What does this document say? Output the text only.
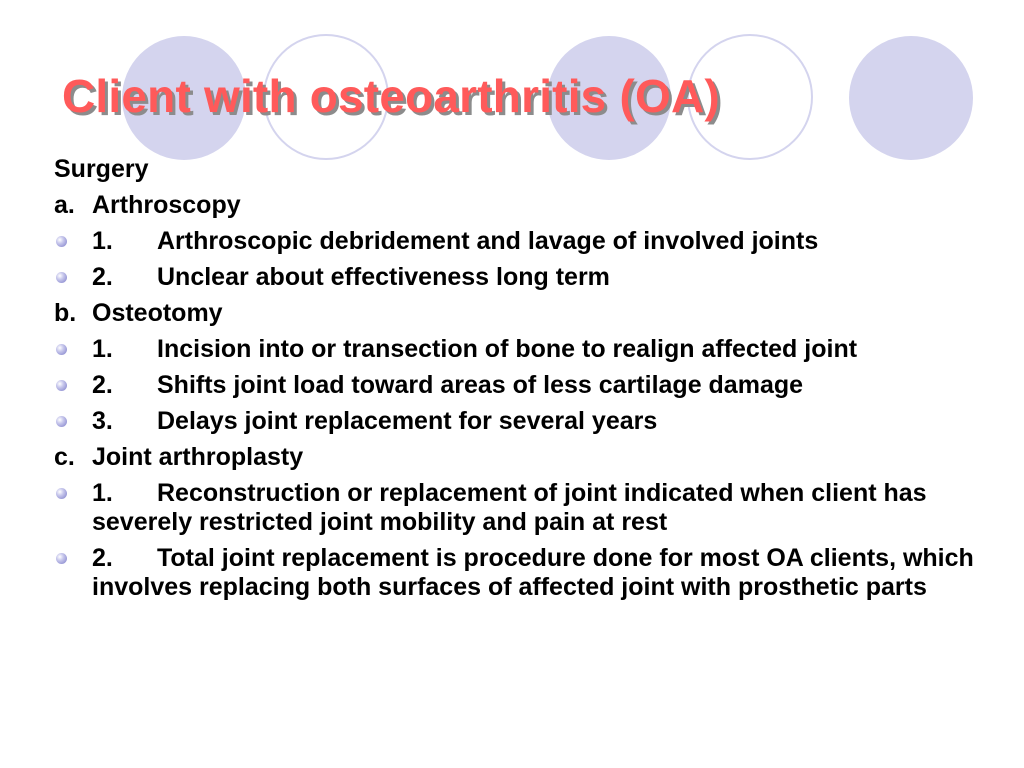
Client with osteoarthritis (OA)
Surgery
a. Arthroscopy
1. Arthroscopic debridement and lavage of involved joints
2. Unclear about effectiveness long term
b. Osteotomy
1. Incision into or transection of bone to realign affected joint
2. Shifts joint load toward areas of less cartilage damage
3. Delays joint replacement for several years
c. Joint arthroplasty
1. Reconstruction or replacement of joint indicated when client has severely restricted joint mobility and pain at rest
2. Total joint replacement is procedure done for most OA clients, which involves replacing both surfaces of affected joint with prosthetic parts
